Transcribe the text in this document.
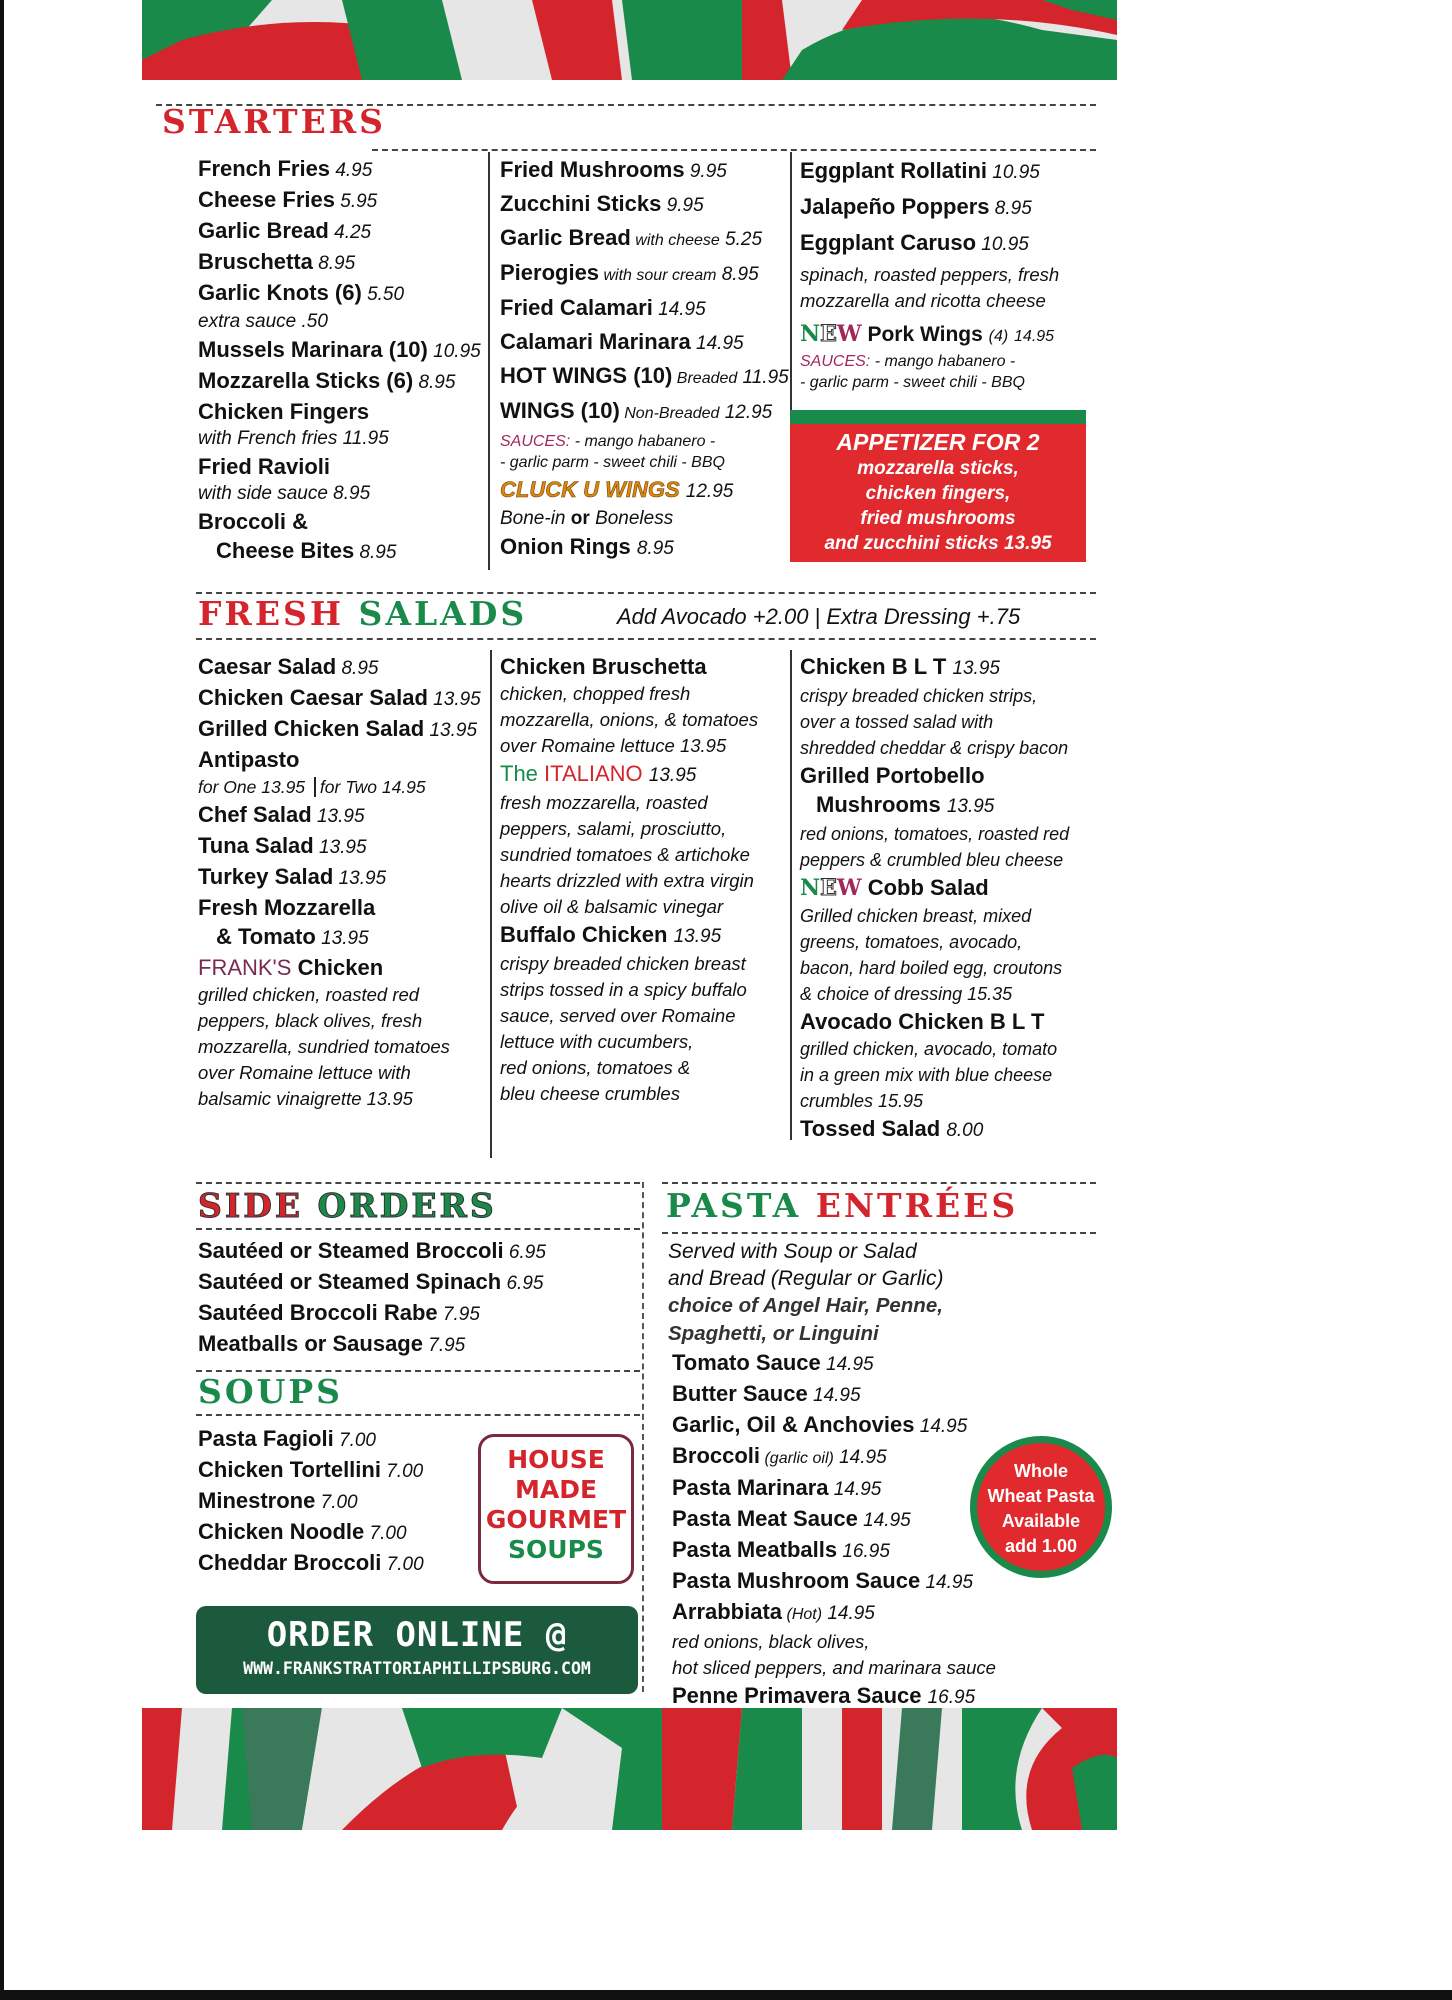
STARTERS
French Fries 4.95
Cheese Fries 5.95
Garlic Bread 4.25
Bruschetta 8.95
Garlic Knots (6) 5.50
extra sauce .50
Mussels Marinara (10) 10.95
Mozzarella Sticks (6) 8.95
Chicken Fingers
with French fries 11.95
Fried Ravioli
with side sauce 8.95
Broccoli &
Cheese Bites 8.95
Fried Mushrooms 9.95
Zucchini Sticks 9.95
Garlic Bread with cheese 5.25
Pierogies with sour cream 8.95
Fried Calamari 14.95
Calamari Marinara 14.95
HOT WINGS (10) Breaded 11.95
WINGS (10) Non-Breaded 12.95
SAUCES: - mango habanero -
- garlic parm - sweet chili - BBQ
CLUCK U WINGS 12.95
Bone-in or Boneless
Onion Rings 8.95
Eggplant Rollatini 10.95
Jalapeño Poppers 8.95
Eggplant Caruso 10.95
spinach, roasted peppers, fresh
mozzarella and ricotta cheese
NEW Pork Wings (4) 14.95
SAUCES: - mango habanero -
- garlic parm - sweet chili - BBQ
APPETIZER FOR 2
mozzarella sticks,
chicken fingers,
fried mushrooms
and zucchini sticks 13.95
FRESH SALADS	Add Avocado +2.00 | Extra Dressing +.75
Caesar Salad 8.95
Chicken Caesar Salad 13.95
Grilled Chicken Salad 13.95
Antipasto
for One 13.95 for Two 14.95
Chef Salad 13.95
Tuna Salad 13.95
Turkey Salad 13.95
Fresh Mozzarella
& Tomato 13.95
FRANK'S Chicken
grilled chicken, roasted red
peppers, black olives, fresh
mozzarella, sundried tomatoes
over Romaine lettuce with
balsamic vinaigrette 13.95
Chicken Bruschetta
chicken, chopped fresh
mozzarella, onions, & tomatoes
over Romaine lettuce 13.95
The ITALIANO 13.95
fresh mozzarella, roasted
peppers, salami, prosciutto,
sundried tomatoes & artichoke
hearts drizzled with extra virgin
olive oil & balsamic vinegar
Buffalo Chicken 13.95
crispy breaded chicken breast
strips tossed in a spicy buffalo
sauce, served over Romaine
lettuce with cucumbers,
red onions, tomatoes &
bleu cheese crumbles
Chicken B L T 13.95
crispy breaded chicken strips,
over a tossed salad with
shredded cheddar & crispy bacon
Grilled Portobello
Mushrooms 13.95
red onions, tomatoes, roasted red
peppers & crumbled bleu cheese
NEW Cobb Salad
Grilled chicken breast, mixed
greens, tomatoes, avocado,
bacon, hard boiled egg, croutons
& choice of dressing 15.35
Avocado Chicken B L T
grilled chicken, avocado, tomato
in a green mix with blue cheese
crumbles 15.95
Tossed Salad 8.00
SIDE ORDERS
Sautéed or Steamed Broccoli 6.95
Sautéed or Steamed Spinach 6.95
Sautéed Broccoli Rabe 7.95
Meatballs or Sausage 7.95
SOUPS
Pasta Fagioli 7.00
Chicken Tortellini 7.00
Minestrone 7.00
Chicken Noodle 7.00
Cheddar Broccoli 7.00
HOUSE
MADE
GOURMET
SOUPS
ORDER ONLINE @
WWW.FRANKSTRATTORIAPHILLIPSBURG.COM
PASTA ENTRÉES
Served with Soup or Salad
and Bread (Regular or Garlic)
choice of Angel Hair, Penne,
Spaghetti, or Linguini
Tomato Sauce 14.95
Butter Sauce 14.95
Garlic, Oil & Anchovies 14.95
Broccoli (garlic oil) 14.95
Pasta Marinara 14.95
Pasta Meat Sauce 14.95
Pasta Meatballs 16.95
Pasta Mushroom Sauce 14.95
Arrabbiata (Hot) 14.95
red onions, black olives,
hot sliced peppers, and marinara sauce
Penne Primavera Sauce 16.95
Whole
Wheat Pasta
Available
add 1.00
